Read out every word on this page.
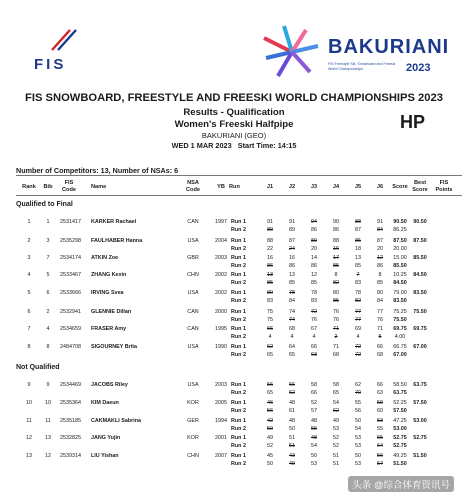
FIS
BAKURIANI
FIS Freestyle Ski, Snowboard and Freeski World Championships	2023
FIS SNOWBOARD, FREESTYLE AND FREESKI WORLD CHAMPIONSHIPS 2023
Results - Qualification
Women's Freeski Halfpipe
BAKURIANI (GEO)
WED 1 MAR 2023 Start Time: 14:15
HP
Number of Competitors: 13, Number of NSAs: 6
Rank	Bib
FIS Code	Name
NSA Code	YB Run	J1	J2	J3	J4	J5	J6	Score
Best Score
FIS Points
Qualified to Final
Not Qualified
1	1	2531417 KARKER Rachael	CAN	1997 Run 1	91	91	94	90	88	91	90.50	90.50
Run 2	89	89	86	86	87	84	86.25
2	3	2535298 FAULHABER Hanna	USA	2004 Run 1	88	87	89	88	85	87	87.50	87.50
Run 2	22	24	20	16	18	20	20.00
3	7	2534174 ATKIN Zoe	GBR	2003 Run 1	16	16	14	17	13	12	15.00	85.50
Run 2	86	86	86	85	85	86	85.50
4	5	2533467 ZHANG Kexin	CHN	2002 Run 1	13	13	12	8	7	8	10.25	84.50
Run 2	85	85	85	82	83	85	84.50
5	6	2533666 IRVING Svea	USA	2002 Run 1	80	78	78	80	78	80	79.00	83.50
Run 2	83	84	83	85	82	84	83.50
6	2	2532941 GLENNIE Dillan	CAN	2000 Run 1	75	74	72	76	77	77	75.25	75.50
Run 2	75	74	76	76	77	76	75.50
7	4	2534659 FRASER Amy	CAN	1995 Run 1	66	68	67	71	69	71	69.75	69.75
Run 2	4	4	4	2	4	5	4.00
8	8	2484708 SIGOURNEY Brita	USA	1990 Run 1	62	64	66	71	72	66	66.75	67.00
Run 2	65	65	63	68	72	68	67.00
9	9	2534469 JACOBS Riley	USA	2003 Run 1	56	66	58	58	62	66	58.50	63.75
Run 2	65	62	66	65	70	63	63.75
10	10	2535364 KIM Daeun	KOR	2005 Run 1	46	48	52	54	55	59	52.25	57.50
Run 2	56	61	57	62	56	60	57.50
11	11	2535185 CAKMAKLI Sabrina	GER	1994 Run 1	42	48	48	49	50	53	47.25	53.00
Run 2	50	50	55	53	54	55	53.00
12	13	2532825 JANG Yujin	KOR	2001 Run 1	49	51	48	52	53	55	52.75	52.75
Run 2	52	51	54	52	53	64	52.75
13	12	2539314 LIU Yishan	CHN	2007 Run 1	45	43	50	51	50	56	49.25	51.50
Run 2	50	49	53	51	53	57	51.50
头条 @综合体育资讯号
